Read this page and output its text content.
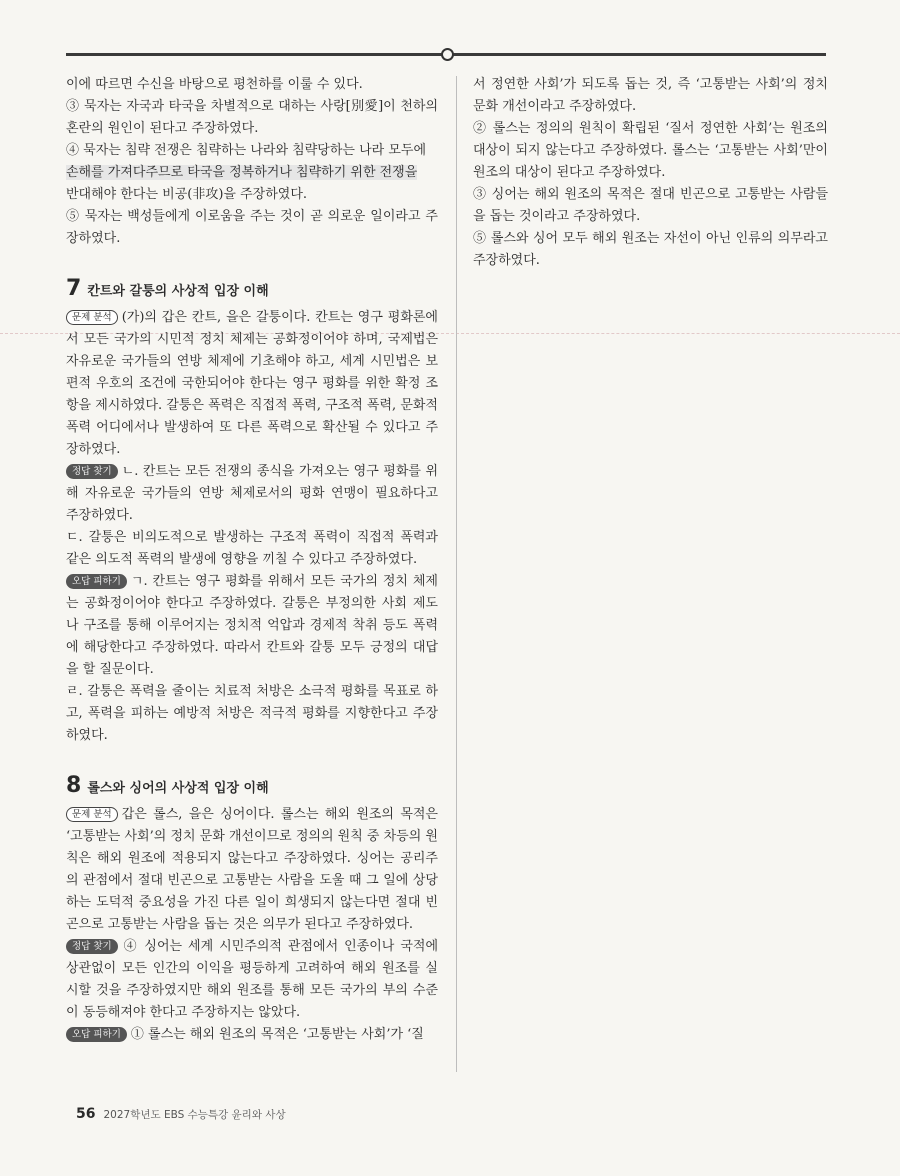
이에 따르면 수신을 바탕으로 평천하를 이룰 수 있다.

③ 묵자는 자국과 타국을 차별적으로 대하는 사랑[別愛]이 천하의 혼란의 원인이 된다고 주장하였다.

④ 묵자는 침략 전쟁은 침략하는 나라와 침략당하는 나라 모두에

손해를 가져다주므로 타국을 정복하거나 침략하기 위한 전쟁을

반대해야 한다는 비공(非攻)을 주장하였다.

⑤ 묵자는 백성들에게 이로움을 주는 것이 곧 의로운 일이라고 주장하였다.

7 칸트와 갈퉁의 사상적 입장 이해

문제 분석 (가)의 갑은 칸트, 을은 갈퉁이다. 칸트는 영구 평화론에서 모든 국가의 시민적 정치 체제는 공화정이어야 하며, 국제법은 자유로운 국가들의 연방 체제에 기초해야 하고, 세계 시민법은 보편적 우호의 조건에 국한되어야 한다는 영구 평화를 위한 확정 조항을 제시하였다. 갈퉁은 폭력은 직접적 폭력, 구조적 폭력, 문화적 폭력 어디에서나 발생하여 또 다른 폭력으로 확산될 수 있다고 주장하였다.

정답 찾기 ㄴ. 칸트는 모든 전쟁의 종식을 가져오는 영구 평화를 위해 자유로운 국가들의 연방 체제로서의 평화 연맹이 필요하다고 주장하였다.

ㄷ. 갈퉁은 비의도적으로 발생하는 구조적 폭력이 직접적 폭력과 같은 의도적 폭력의 발생에 영향을 끼칠 수 있다고 주장하였다.

오답 피하기 ㄱ. 칸트는 영구 평화를 위해서 모든 국가의 정치 체제는 공화정이어야 한다고 주장하였다. 갈퉁은 부정의한 사회 제도나 구조를 통해 이루어지는 정치적 억압과 경제적 착취 등도 폭력에 해당한다고 주장하였다. 따라서 칸트와 갈퉁 모두 긍정의 대답을 할 질문이다.

ㄹ. 갈퉁은 폭력을 줄이는 치료적 처방은 소극적 평화를 목표로 하고, 폭력을 피하는 예방적 처방은 적극적 평화를 지향한다고 주장하였다.

8 롤스와 싱어의 사상적 입장 이해

문제 분석 갑은 롤스, 을은 싱어이다. 롤스는 해외 원조의 목적은 ‘고통받는 사회’의 정치 문화 개선이므로 정의의 원칙 중 차등의 원칙은 해외 원조에 적용되지 않는다고 주장하였다. 싱어는 공리주의 관점에서 절대 빈곤으로 고통받는 사람을 도울 때 그 일에 상당하는 도덕적 중요성을 가진 다른 일이 희생되지 않는다면 절대 빈곤으로 고통받는 사람을 돕는 것은 의무가 된다고 주장하였다.

정답 찾기 ④ 싱어는 세계 시민주의적 관점에서 인종이나 국적에 상관없이 모든 인간의 이익을 평등하게 고려하여 해외 원조를 실시할 것을 주장하였지만 해외 원조를 통해 모든 국가의 부의 수준이 동등해져야 한다고 주장하지는 않았다.

오답 피하기 ① 롤스는 해외 원조의 목적은 ‘고통받는 사회’가 ‘질

서 정연한 사회’가 되도록 돕는 것, 즉 ‘고통받는 사회’의 정치 문화 개선이라고 주장하였다.

② 롤스는 정의의 원칙이 확립된 ‘질서 정연한 사회’는 원조의 대상이 되지 않는다고 주장하였다. 롤스는 ‘고통받는 사회’만이 원조의 대상이 된다고 주장하였다.

③ 싱어는 해외 원조의 목적은 절대 빈곤으로 고통받는 사람들을 돕는 것이라고 주장하였다.

⑤ 롤스와 싱어 모두 해외 원조는 자선이 아닌 인류의 의무라고 주장하였다.

56 2027학년도 EBS 수능특강 윤리와 사상
